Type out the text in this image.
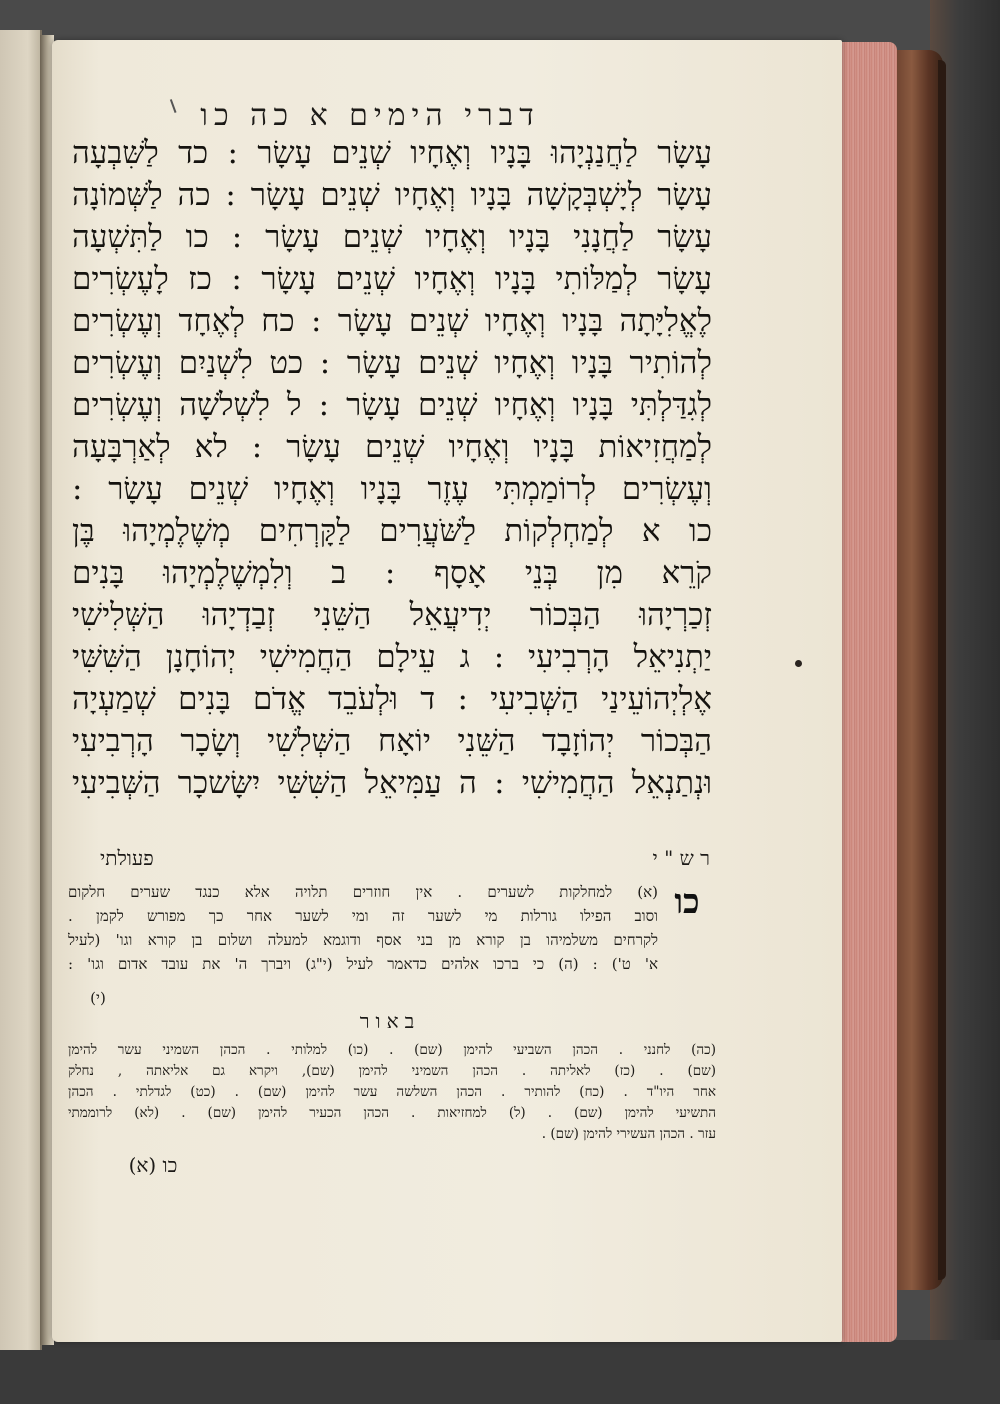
דברי הימים א כה כו
עָשָׂר לַחֲנַנְיָהוּ בָּנָיו וְאֶחָיו שְׁנֵים עָשָׂר : כד לַשִּׁבְעָה
עָשָׂר לְיָשְׁבְּקָשָׁה בָּנָיו וְאֶחָיו שְׁנֵים עָשָׂר : כה לַשְּׁמוֹנָה
עָשָׂר לַחֲנָנִי בָּנָיו וְאֶחָיו שְׁנֵים עָשָׂר : כו לַתִּשְׁעָה
עָשָׂר לְמַלּוֹתִי בָּנָיו וְאֶחָיו שְׁנֵים עָשָׂר : כז לָעֶשְׂרִים
לֶאֱלִיָּתָה בָּנָיו וְאֶחָיו שְׁנֵים עָשָׂר : כח לְאֶחָד וְעֶשְׂרִים
לְהוֹתִיר בָּנָיו וְאֶחָיו שְׁנֵים עָשָׂר : כט לִשְׁנַיִם וְעֶשְׂרִים
לְגִדַּלְתִּי בָּנָיו וְאֶחָיו שְׁנֵים עָשָׂר : ל לִשְׁלֹשָׁה וְעֶשְׂרִים
לְמַחֲזִיאוֹת בָּנָיו וְאֶחָיו שְׁנֵים עָשָׂר : לא לְאַרְבָּעָה
וְעֶשְׂרִים לְרוֹמַמְתִּי עֶזֶר בָּנָיו וְאֶחָיו שְׁנֵים עָשָׂר :
כו א לְמַחְלְקוֹת לַשֹּׁעֲרִים לַקָּרְחִים מְשֶׁלֶמְיָהוּ בֶּן
קֹרֵא מִן בְּנֵי אָסָף : ב וְלִמְשֶׁלֶמְיָהוּ בָּנִים
זְכַרְיָהוּ הַבְּכוֹר יְדִיעֲאֵל הַשֵּׁנִי זְבַדְיָהוּ הַשְּׁלִישִׁי
יַתְנִיאֵל הָרְבִיעִי : ג עֵילָם הַחֲמִישִׁי יְהוֹחָנָן הַשִּׁשִּׁי
אֶלְיְהוֹעֵינַי הַשְּׁבִיעִי : ד וּלְעֹבֵד אֱדֹם בָּנִים שְׁמַעְיָה
הַבְּכוֹר יְהוֹזָבָד הַשֵּׁנִי יוֹאָח הַשְּׁלִשִׁי וְשָׂכָר הָרְבִיעִי
וּנְתַנְאֵל הַחֲמִישִׁי : ה עַמִּיאֵל הַשִּׁשִּׁי יִשָּׂשכָר הַשְּׁבִיעִי
פעולתי	ר ש " י
כו
(א) למחלקות לשערים . אין חוזרים תלויה אלא כנגד שערים חלקום
וסוב הפילו גורלות מי לשער זה ומי לשער אחר כך מפורש לקמן .
לקרחים משלמיהו בן קורא מן בני אסף ודוגמא למעלה ושלום בן קורא וגו' (לעיל
א' ט') : (ה) כי ברכו אלהים כדאמר לעיל (י"ג) ויברך ה' את עובד אדום וגו' :
(י)
באור
(כה) לחנני . הכהן השביעי להימן (שם) . (כו) למלותי . הכהן השמיני עשר להימן
(שם) . (כז) לאליתה . הכהן השמיני להימן (שם), ויקרא גם אליאתה , נחלק
אחר היו"ד . (כח) להותיר . הכהן השלשה עשר להימן (שם) . (כט) לגדלתי . הכהן
התשיעי להימן (שם) . (ל) למחזיאות . הכהן הכעיר להימן (שם) . (לא) לרוממתי
עזר . הכהן העשירי להימן (שם) .
כו (א)
